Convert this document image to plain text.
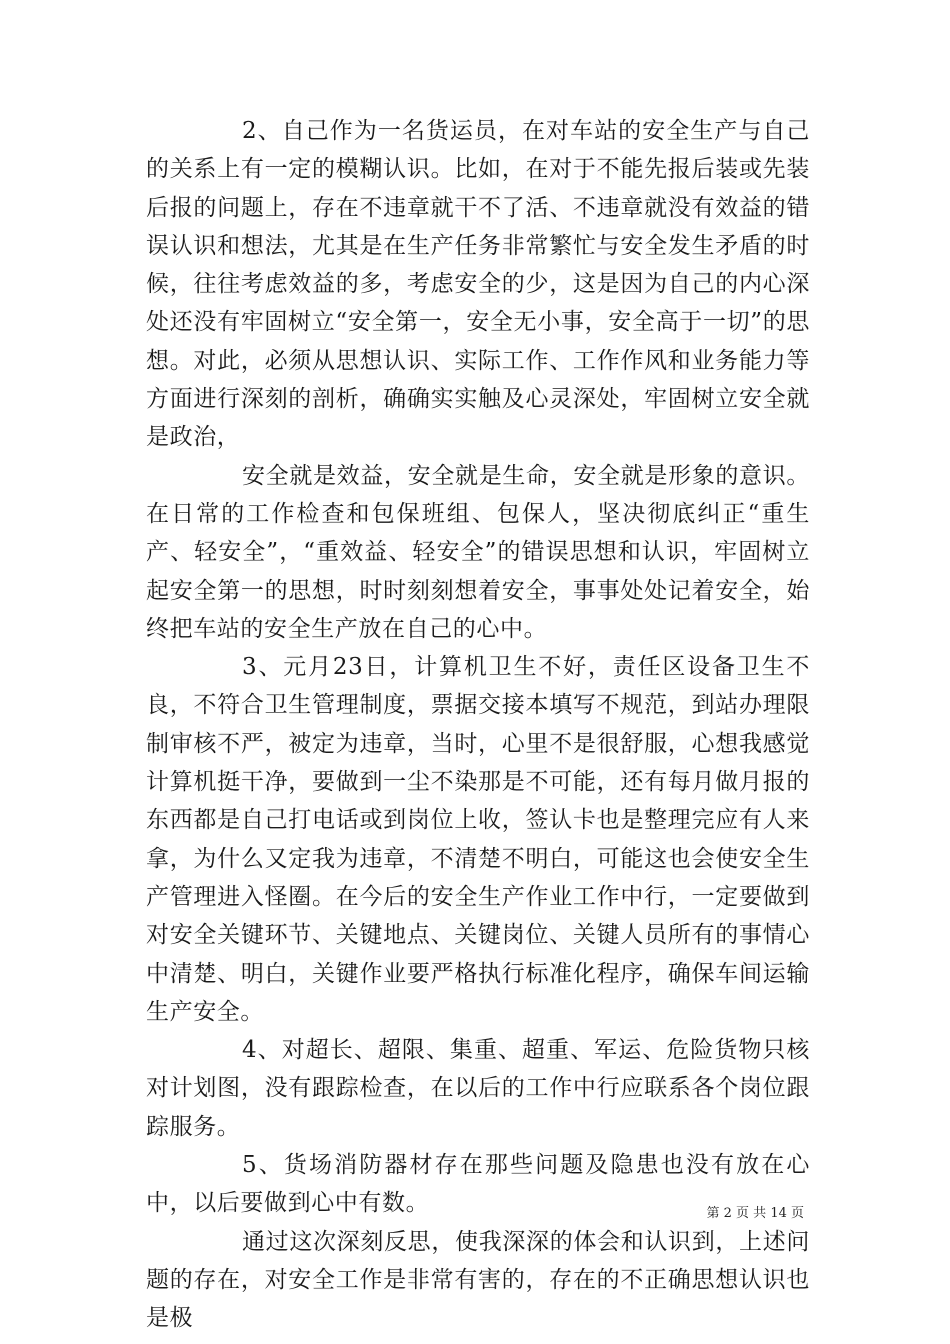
2、自己作为一名货运员，在对车站的安全生产与自己的关系上有一定的模糊认识。比如，在对于不能先报后装或先装后报的问题上，存在不违章就干不了活、不违章就没有效益的错误认识和想法，尤其是在生产任务非常繁忙与安全发生矛盾的时候，往往考虑效益的多，考虑安全的少，这是因为自己的内心深处还没有牢固树立“安全第一，安全无小事，安全高于一切”的思想。对此，必须从思想认识、实际工作、工作作风和业务能力等方面进行深刻的剖析，确确实实触及心灵深处，牢固树立安全就是政治，

安全就是效益，安全就是生命，安全就是形象的意识。在日常的工作检查和包保班组、包保人，坚决彻底纠正“重生产、轻安全”，“重效益、轻安全”的错误思想和认识，牢固树立起安全第一的思想，时时刻刻想着安全，事事处处记着安全，始终把车站的安全生产放在自己的心中。

3、元月23日，计算机卫生不好，责任区设备卫生不良，不符合卫生管理制度，票据交接本填写不规范，到站办理限制审核不严，被定为违章，当时，心里不是很舒服，心想我感觉计算机挺干净，要做到一尘不染那是不可能，还有每月做月报的东西都是自己打电话或到岗位上收，签认卡也是整理完应有人来拿，为什么又定我为违章，不清楚不明白，可能这也会使安全生产管理进入怪圈。在今后的安全生产作业工作中行，一定要做到对安全关键环节、关键地点、关键岗位、关键人员所有的事情心中清楚、明白，关键作业要严格执行标准化程序，确保车间运输生产安全。

4、对超长、超限、集重、超重、军运、危险货物只核对计划图，没有跟踪检查，在以后的工作中行应联系各个岗位跟踪服务。

5、货场消防器材存在那些问题及隐患也没有放在心中，以后要做到心中有数。

通过这次深刻反思，使我深深的体会和认识到，上述问题的存在，对安全工作是非常有害的，存在的不正确思想认识也是极

第 2 页 共 14 页
